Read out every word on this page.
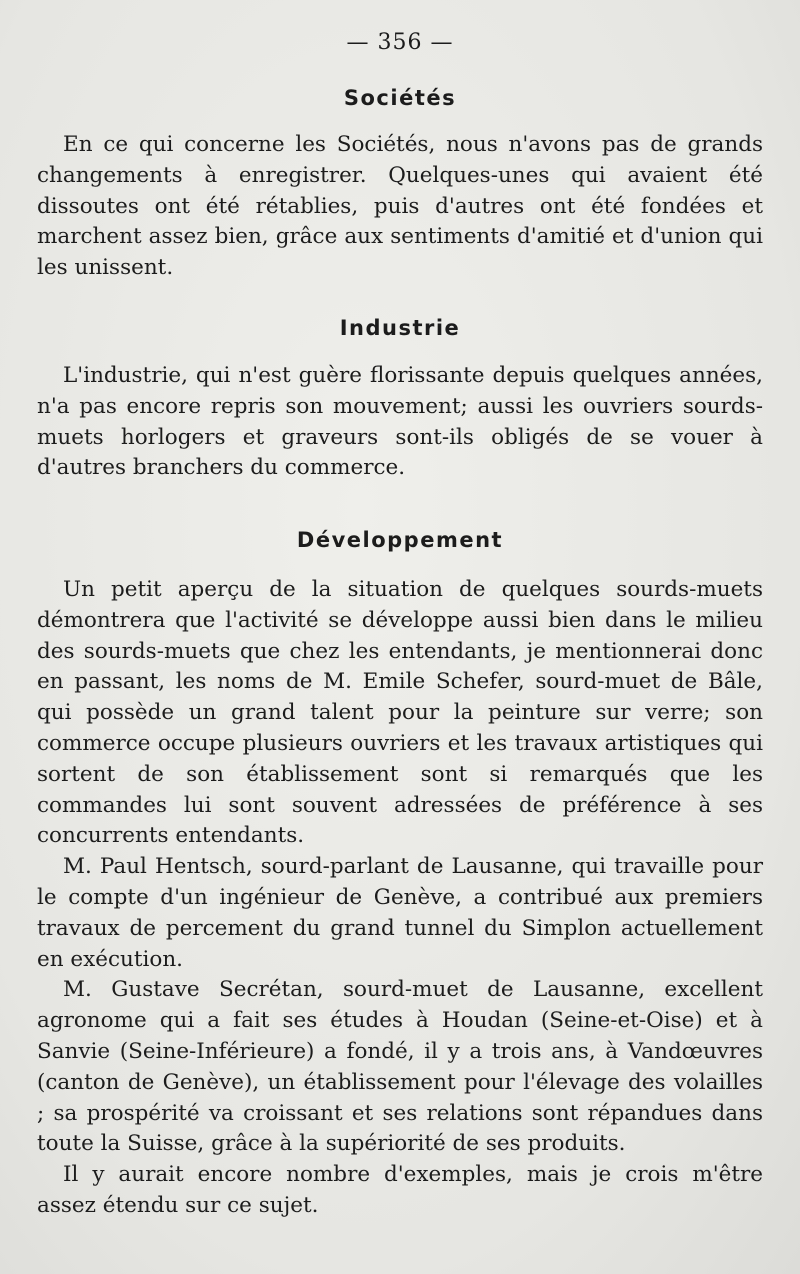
— 356 —
Sociétés

En ce qui concerne les Sociétés, nous n'avons pas de grands changements à enregistrer. Quelques-unes qui avaient été dissoutes ont été rétablies, puis d'autres ont été fondées et marchent assez bien, grâce aux sentiments d'amitié et d'union qui les unissent.

Industrie

L'industrie, qui n'est guère florissante depuis quelques années, n'a pas encore repris son mouvement; aussi les ouvriers sourds-muets horlogers et graveurs sont-ils obligés de se vouer à d'autres branchers du commerce.

Développement

Un petit aperçu de la situation de quelques sourds-muets démontrera que l'activité se développe aussi bien dans le milieu des sourds-muets que chez les entendants, je mentionnerai donc en passant, les noms de M. Emile Schefer, sourd-muet de Bâle, qui possède un grand talent pour la peinture sur verre; son commerce occupe plusieurs ouvriers et les travaux artistiques qui sortent de son établissement sont si remarqués que les commandes lui sont souvent adressées de préférence à ses concurrents entendants.

M. Paul Hentsch, sourd-parlant de Lausanne, qui travaille pour le compte d'un ingénieur de Genève, a contribué aux premiers travaux de percement du grand tunnel du Simplon actuellement en exécution.

M. Gustave Secrétan, sourd-muet de Lausanne, excellent agronome qui a fait ses études à Houdan (Seine-et-Oise) et à Sanvie (Seine-Inférieure) a fondé, il y a trois ans, à Vandœuvres (canton de Genève), un établissement pour l'élevage des volailles ; sa prospérité va croissant et ses relations sont répandues dans toute la Suisse, grâce à la supériorité de ses produits.

Il y aurait encore nombre d'exemples, mais je crois m'être assez étendu sur ce sujet.
